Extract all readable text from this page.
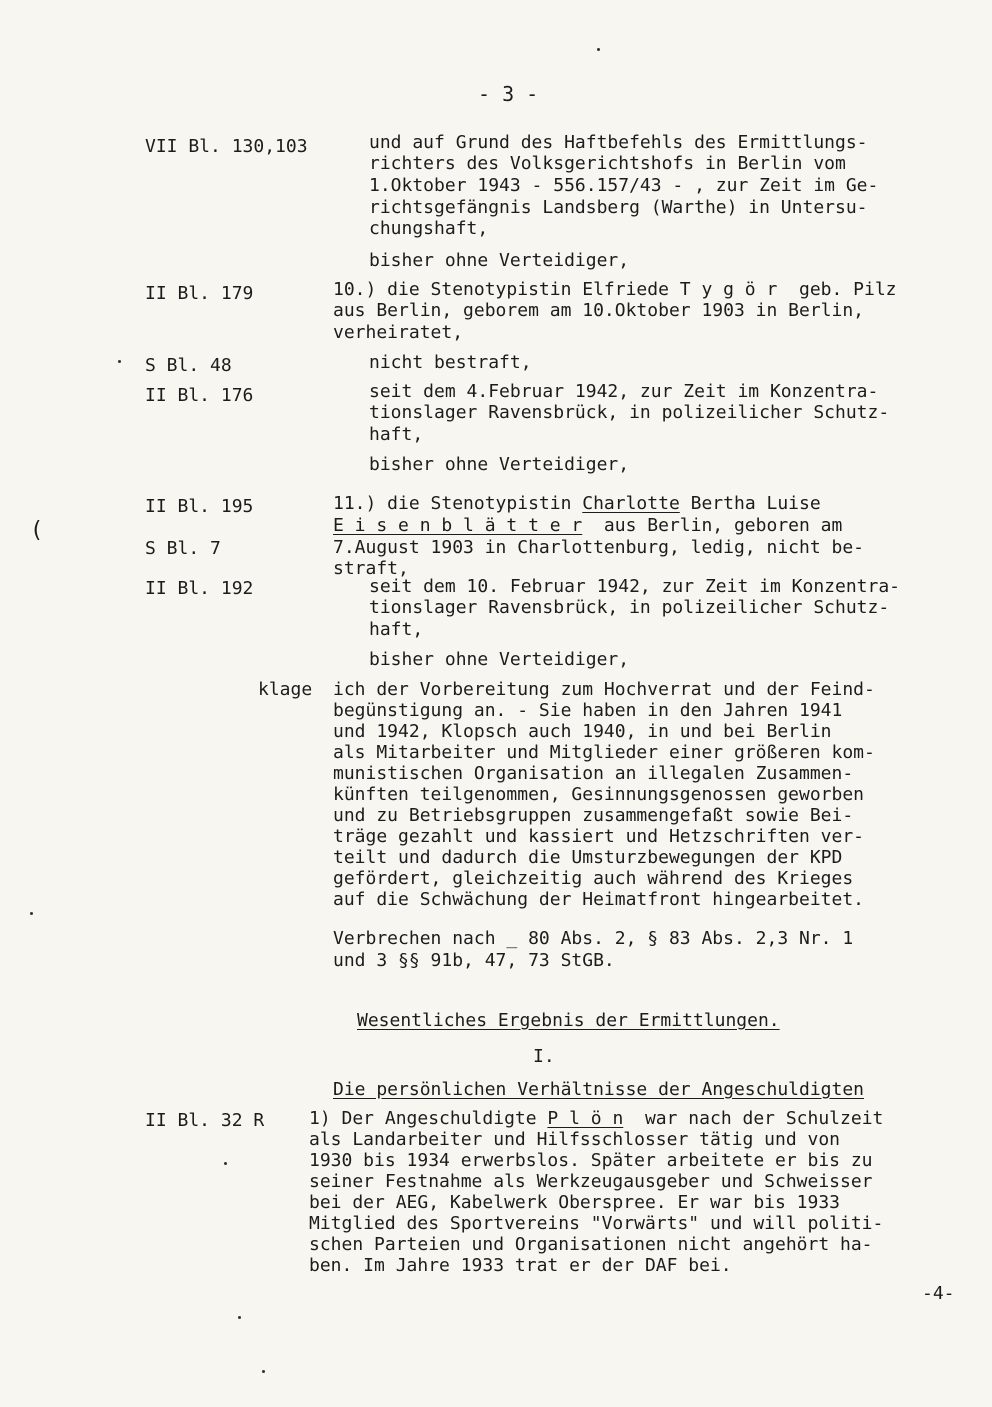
- 3 -
VII Bl. 130,103
II Bl. 179
S Bl. 48
II Bl. 176
II Bl. 195
S Bl. 7
II Bl. 192
II Bl. 32 R
(
und auf Grund des Haftbefehls des Ermittlungs-
richters des Volksgerichtshofs in Berlin vom
1.Oktober 1943 - 556.157/43 - , zur Zeit im Ge-
richtsgefängnis Landsberg (Warthe) in Untersu-
chungshaft,
bisher ohne Verteidiger,
10.) die Stenotypistin Elfriede T y g ö r  geb. Pilz
aus Berlin, geborem am 10.Oktober 1903 in Berlin,
verheiratet,
nicht bestraft,
seit dem 4.Februar 1942, zur Zeit im Konzentra-
tionslager Ravensbrück, in polizeilicher Schutz-
haft,
bisher ohne Verteidiger,
11.) die Stenotypistin Charlotte Bertha Luise
E i s e n b l ä t t e r  aus Berlin, geboren am
7.August 1903 in Charlottenburg, ledig, nicht be-
straft,
seit dem 10. Februar 1942, zur Zeit im Konzentra-
tionslager Ravensbrück, in polizeilicher Schutz-
haft,
bisher ohne Verteidiger,
klage ich der Vorbereitung zum Hochverrat und der Feind-
begünstigung an. - Sie haben in den Jahren 1941
und 1942, Klopsch auch 1940, in und bei Berlin
als Mitarbeiter und Mitglieder einer größeren kom-
munistischen Organisation an illegalen Zusammen-
künften teilgenommen, Gesinnungsgenossen geworben
und zu Betriebsgruppen zusammengefaßt sowie Bei-
träge gezahlt und kassiert und Hetzschriften ver-
teilt und dadurch die Umsturzbewegungen der KPD
gefördert, gleichzeitig auch während des Krieges
auf die Schwächung der Heimatfront hingearbeitet.
Verbrechen nach _ 80 Abs. 2, § 83 Abs. 2,3 Nr. 1
und 3 §§ 91b, 47, 73 StGB.
Wesentliches Ergebnis der Ermittlungen.
I.
Die persönlichen Verhältnisse der Angeschuldigten
1) Der Angeschuldigte P l ö n  war nach der Schulzeit
als Landarbeiter und Hilfsschlosser tätig und von
1930 bis 1934 erwerbslos. Später arbeitete er bis zu
seiner Festnahme als Werkzeugausgeber und Schweisser
bei der AEG, Kabelwerk Oberspree. Er war bis 1933
Mitglied des Sportvereins "Vorwärts" und will politi-
schen Parteien und Organisationen nicht angehört ha-
ben. Im Jahre 1933 trat er der DAF bei.
-4-
